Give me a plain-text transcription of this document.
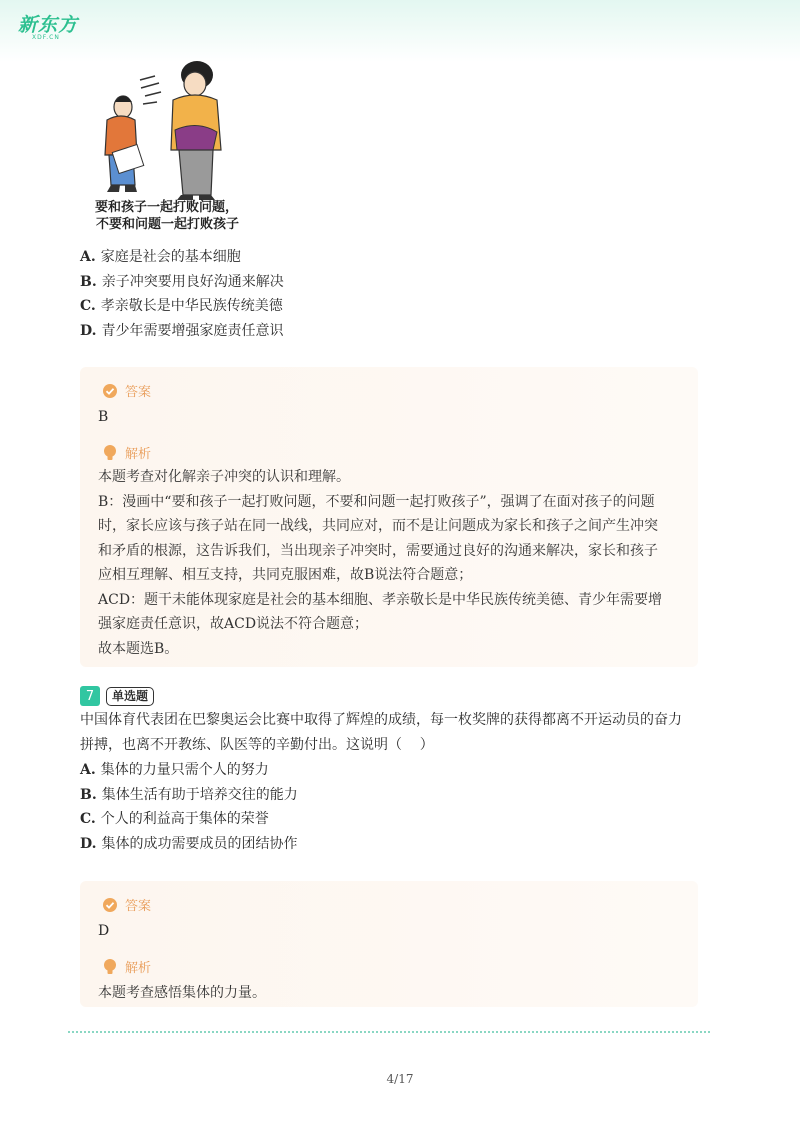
新东方
XDF.CN
要和孩子一起打败问题，
不要和问题一起打败孩子
A. 家庭是社会的基本细胞
B. 亲子冲突要用良好沟通来解决
C. 孝亲敬长是中华民族传统美德
D. 青少年需要增强家庭责任意识
答案
B
解析

本题考查对化解亲子冲突的认识和理解。

B：漫画中“要和孩子一起打败问题，不要和问题一起打败孩子”，强调了在面对孩子的问题

时，家长应该与孩子站在同一战线，共同应对，而不是让问题成为家长和孩子之间产生冲突

和矛盾的根源，这告诉我们，当出现亲子冲突时，需要通过良好的沟通来解决，家长和孩子

应相互理解、相互支持，共同克服困难，故B说法符合题意；

ACD：题干未能体现家庭是社会的基本细胞、孝亲敬长是中华民族传统美德、青少年需要增

强家庭责任意识，故ACD说法不符合题意；

故本题选B。

7	单选题
中国体育代表团在巴黎奥运会比赛中取得了辉煌的成绩，每一枚奖牌的获得都离不开运动员的奋力
拼搏，也离不开教练、队医等的辛勤付出。这说明（    ）
A. 集体的力量只需个人的努力
B. 集体生活有助于培养交往的能力
C. 个人的利益高于集体的荣誉
D. 集体的成功需要成员的团结协作
答案
D
解析

本题考查感悟集体的力量。

4/17
